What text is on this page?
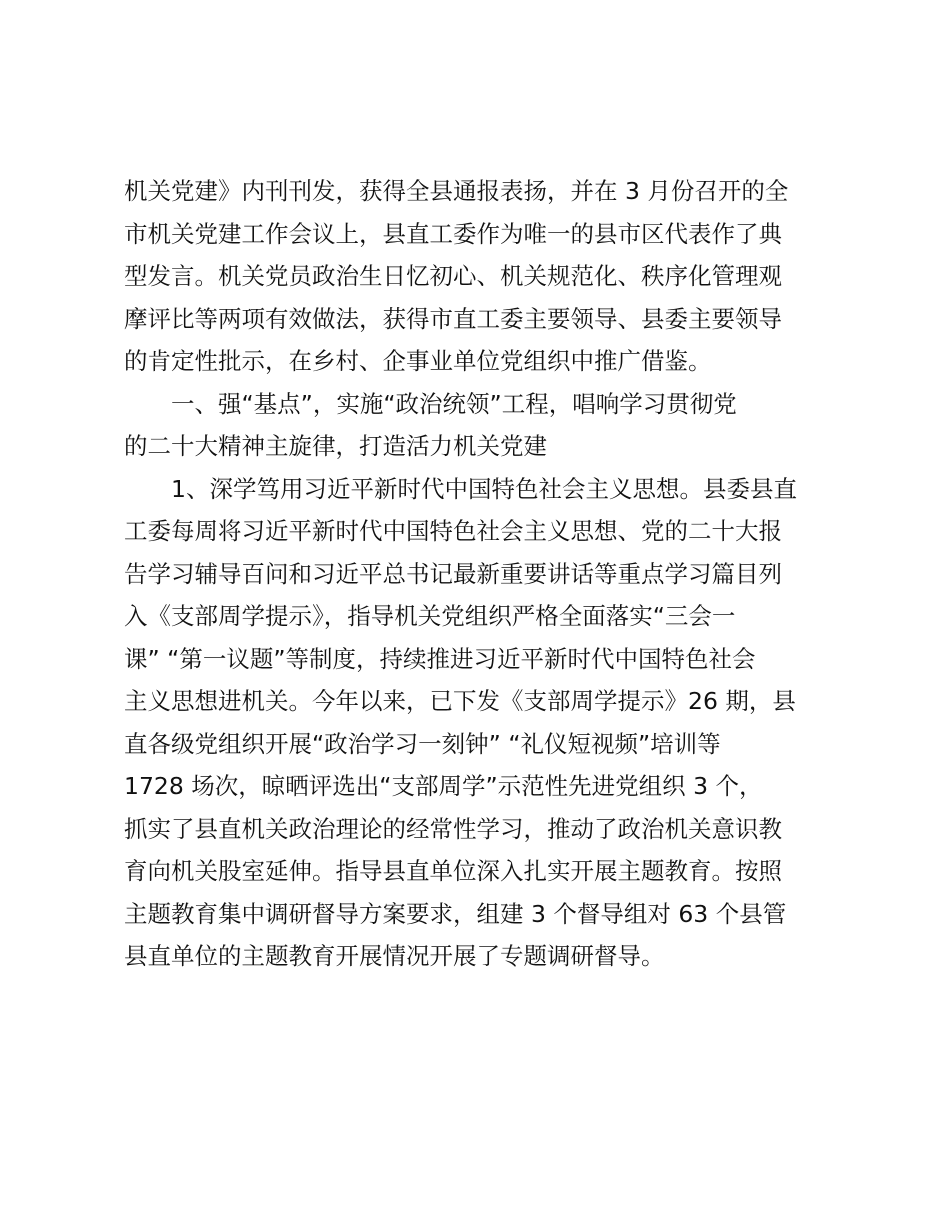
机关党建》内刊刊发，获得全县通报表扬，并在 3 月份召开的全
市机关党建工作会议上，县直工委作为唯一的县市区代表作了典
型发言。机关党员政治生日忆初心、机关规范化、秩序化管理观
摩评比等两项有效做法，获得市直工委主要领导、县委主要领导
的肯定性批示，在乡村、企事业单位党组织中推广借鉴。
一、强“基点”，实施“政治统领”工程，唱响学习贯彻党
的二十大精神主旋律，打造活力机关党建
1、深学笃用习近平新时代中国特色社会主义思想。县委县直
工委每周将习近平新时代中国特色社会主义思想、党的二十大报
告学习辅导百问和习近平总书记最新重要讲话等重点学习篇目列
入《支部周学提示》，指导机关党组织严格全面落实“三会一
课” “第一议题”等制度，持续推进习近平新时代中国特色社会
主义思想进机关。今年以来，已下发《支部周学提示》26 期，县
直各级党组织开展“政治学习一刻钟” “礼仪短视频”培训等
1728 场次，晾晒评选出“支部周学”示范性先进党组织 3 个，
抓实了县直机关政治理论的经常性学习，推动了政治机关意识教
育向机关股室延伸。指导县直单位深入扎实开展主题教育。按照
主题教育集中调研督导方案要求，组建 3 个督导组对 63 个县管
县直单位的主题教育开展情况开展了专题调研督导。
